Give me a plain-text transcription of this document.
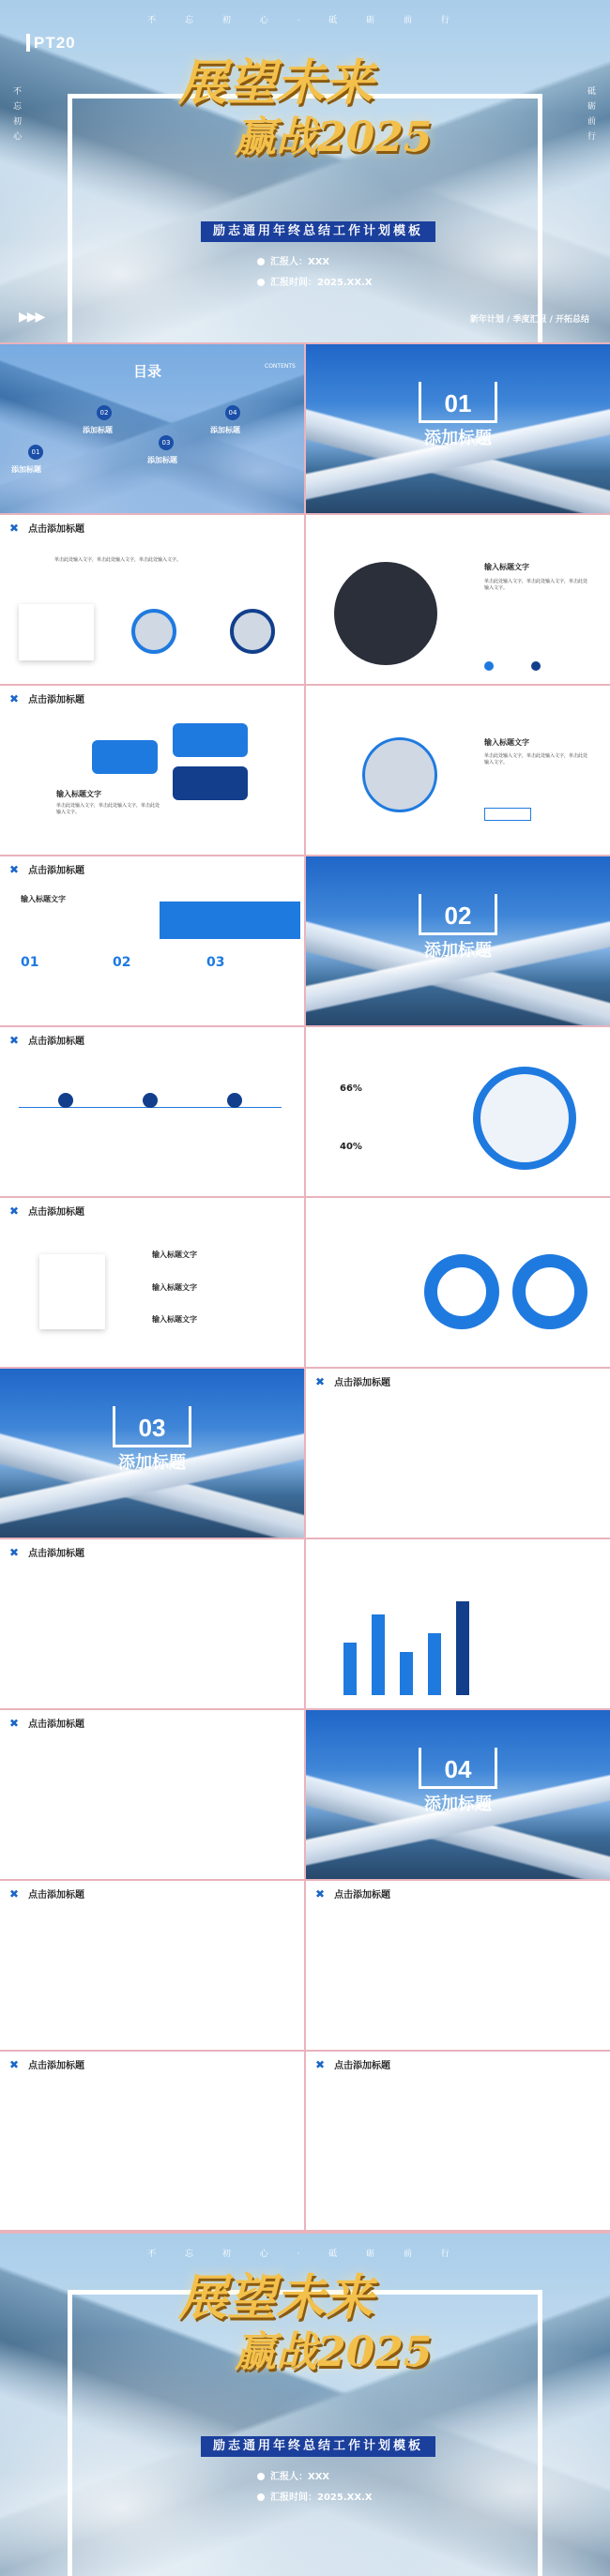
不 忘 初 心 · 砥 砺 前 行
不忘初心
砥砺前行
PT20
展望未来
赢战2025
励志通用年终总结工作计划模板
汇报人：XXX
汇报时间：2025.XX.X
▶▶▶	新年计划 / 季度汇报 / 开拓总结
目录	CONTENTS
01
添加标题
02
添加标题
03
添加标题
04
添加标题
01
添加标题
✖ 点击添加标题
单击此处输入文字，单击此处输入文字，单击此处输入文字。
输入标题文字
单击此处输入文字，单击此处输入文字，单击此处输入文字。
✖ 点击添加标题
输入标题文字
单击此处输入文字，单击此处输入文字，单击此处输入文字。
输入标题文字
单击此处输入文字，单击此处输入文字，单击此处输入文字。
✖ 点击添加标题
输入标题文字
01	02	03
02
添加标题
✖ 点击添加标题
66%
40%
✖ 点击添加标题
输入标题文字
输入标题文字
输入标题文字
03
添加标题
✖ 点击添加标题
✖ 点击添加标题
✖ 点击添加标题
04
添加标题
✖ 点击添加标题	✖ 点击添加标题
✖ 点击添加标题	✖ 点击添加标题
不 忘 初 心 · 砥 砺 前 行
展望未来
赢战2025
励志通用年终总结工作计划模板
汇报人：XXX
汇报时间：2025.XX.X
